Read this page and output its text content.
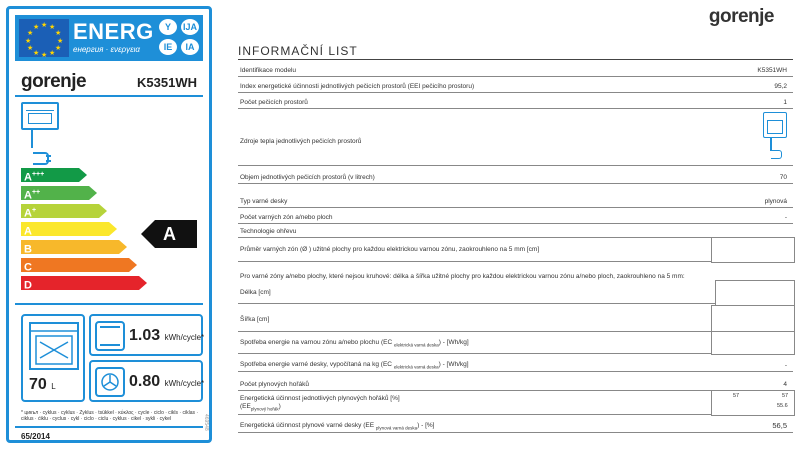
★ ★
★
★
★
★
★
★
★
★
★
★ ENERG
енергия · ενεργεια
Y	IJA
IE	IA
gorenje	K5351WH
A+++
A++
A+
A
B
C
D
A
70 L
1.03 kWh/cycle*
0.80 kWh/cycle*
* цикъл · cyklus · cyklus · Zyklus · tsükkel · κύκλος · cycle · ciclo · cikls · ciklas · ciklus · ċiklu · cyclus · cykl · ciclo · ciclu · cyklus · cikel · sykli · cykel
65/2014
469548
gorenje
INFORMAČNÍ LIST
Identifikace modelu	K5351WH
Index energetické účinnosti jednotlivých pečicích prostorů (EEI pečicího prostoru)	95,2
Počet pečicích prostorů	1
Zdroje tepla jednotlivých pečicích prostorů
Objem jednotlivých pečicích prostorů (v litrech)	70
Typ varné desky	plynová
Počet varných zón a/nebo ploch	-
Technologie ohřevu
Průměr varných zón (Ø ) užitné plochy pro každou elektrickou varnou zónu, zaokrouhleno na 5 mm [cm]
Pro varné zóny a/nebo plochy, které nejsou kruhové: délka a šířka užitné plochy pro každou elektrickou varnou zónu a/nebo ploch, zaokrouhleno na 5 mm:
Délka [cm]
Šířka [cm]
Spotřeba energie na varnou zónu a/nebo plochu (EC $_{elektrická varná deska}$) - [Wh/kg]
Spotřeba energie varné desky, vypočítaná na kg (EC $_{elektrická varná deska}$) - [Wh/kg]	-
Počet plynových hořáků	4
Energetická účinnost jednotlivých plynových hořáků [%]
$(EE_{plynový hořák})$
57	57
55.6
Energetická účinnost plynové varné desky (EE $_{plynová varná deska}$) - [%]	56,5
